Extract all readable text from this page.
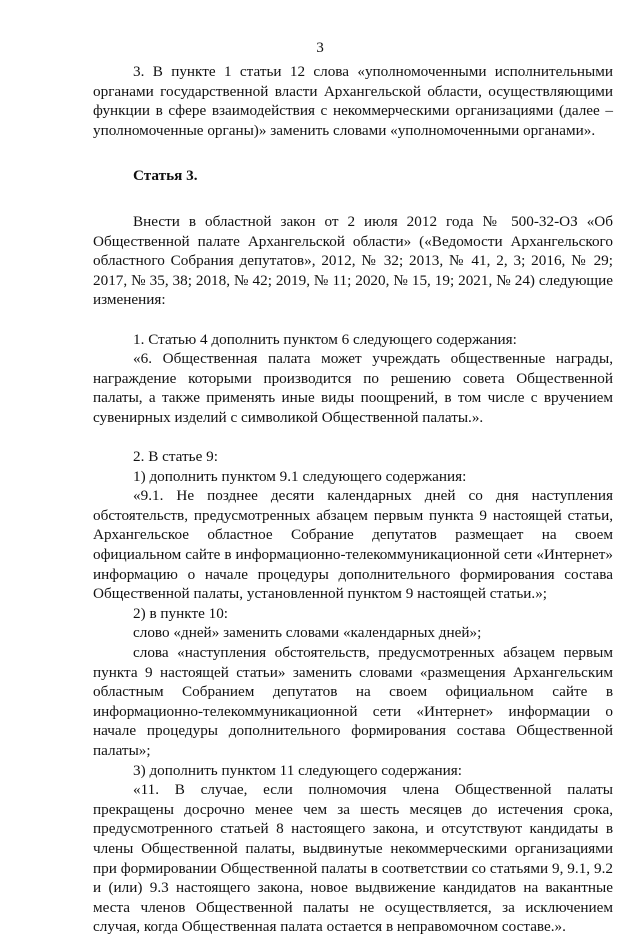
3

3. В пункте 1 статьи 12 слова «уполномоченными исполнительными органами государственной власти Архангельской области, осуществляющими функции в сфере взаимодействия с некоммерческими организациями (далее – уполномоченные органы)» заменить словами «уполномоченными органами».

Статья 3.

Внести в областной закон от 2 июля 2012 года № 500-32-ОЗ «Об Общественной палате Архангельской области» («Ведомости Архангельского областного Собрания депутатов», 2012, № 32; 2013, № 41, 2, 3; 2016, № 29; 2017, № 35, 38; 2018, № 42; 2019, № 11; 2020, № 15, 19; 2021, № 24) следующие изменения:

1. Статью 4 дополнить пунктом 6 следующего содержания:

«6. Общественная палата может учреждать общественные награды, награждение которыми производится по решению совета Общественной палаты, а также применять иные виды поощрений, в том числе с вручением сувенирных изделий с символикой Общественной палаты.».

2. В статье 9:

1) дополнить пунктом 9.1 следующего содержания:

«9.1. Не позднее десяти календарных дней со дня наступления обстоятельств, предусмотренных абзацем первым пункта 9 настоящей статьи, Архангельское областное Собрание депутатов размещает на своем официальном сайте в информационно-телекоммуникационной сети «Интернет» информацию о начале процедуры дополнительного формирования состава Общественной палаты, установленной пунктом 9 настоящей статьи.»;

2) в пункте 10:

слово «дней» заменить словами «календарных дней»;

слова «наступления обстоятельств, предусмотренных абзацем первым пункта 9 настоящей статьи» заменить словами «размещения Архангельским областным Собранием депутатов на своем официальном сайте в информационно-телекоммуникационной сети «Интернет» информации о начале процедуры дополнительного формирования состава Общественной палаты»;

3) дополнить пунктом 11 следующего содержания:

«11. В случае, если полномочия члена Общественной палаты прекращены досрочно менее чем за шесть месяцев до истечения срока, предусмотренного статьей 8 настоящего закона, и отсутствуют кандидаты в члены Общественной палаты, выдвинутые некоммерческими организациями при формировании Общественной палаты в соответствии со статьями 9, 9.1, 9.2 и (или) 9.3 настоящего закона, новое выдвижение кандидатов на вакантные места членов Общественной палаты не осуществляется, за исключением случая, когда Общественная палата остается в неправомочном составе.».
